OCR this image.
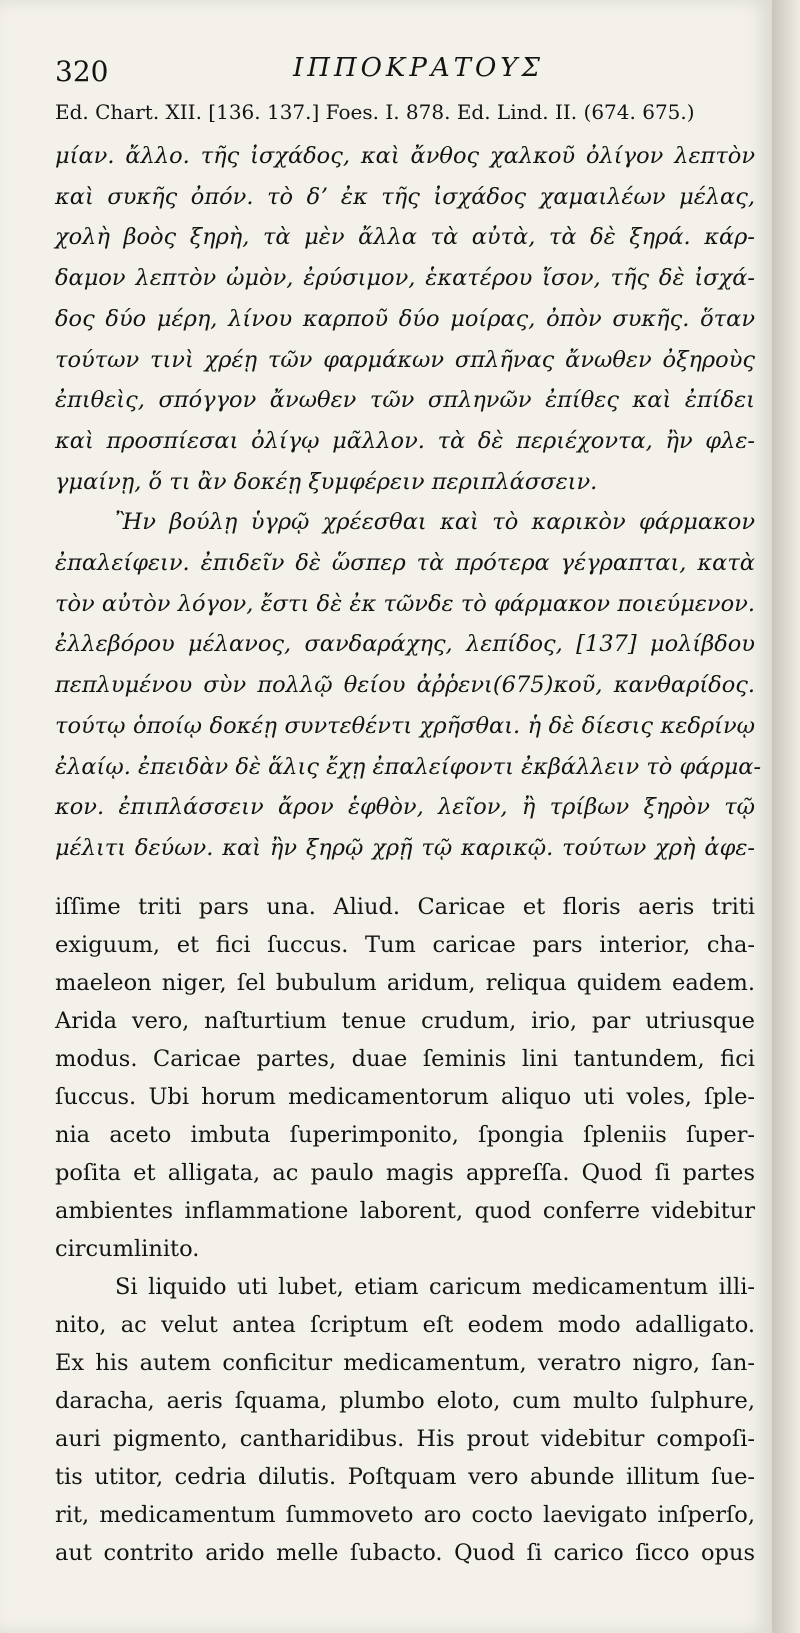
320	ΙΠΠΟΚΡΑΤΟΥΣ
Ed. Chart. XII. [136. 137.] Foes. I. 878. Ed. Lind. II. (674. 675.)
μίαν. ἄλλο. τῆς ἰσχάδος, καὶ ἄνθος χαλκοῦ ὀλίγον λεπτὸν
καὶ συκῆς ὀπόν. τὸ δʼ ἐκ τῆς ἰσχάδος χαμαιλέων μέλας,
χολὴ βοὸς ξηρὴ, τὰ μὲν ἄλλα τὰ αὐτὰ, τὰ δὲ ξηρά. κάρ-
δαμον λεπτὸν ὠμὸν, ἐρύσιμον, ἑκατέρου ἴσον, τῆς δὲ ἰσχά-
δος δύο μέρη, λίνου καρποῦ δύο μοίρας, ὀπὸν συκῆς. ὅταν
τούτων τινὶ χρέῃ τῶν φαρμάκων σπλῆνας ἄνωθεν ὀξηροὺς
ἐπιθεὶς, σπόγγον ἄνωθεν τῶν σπληνῶν ἐπίθες καὶ ἐπίδει
καὶ προσπίεσαι ὀλίγῳ μᾶλλον. τὰ δὲ περιέχοντα, ἢν φλε-
γμαίνῃ, ὅ τι ἂν δοκέῃ ξυμφέρειν περιπλάσσειν.
Ἢν βούλῃ ὑγρῷ χρέεσθαι καὶ τὸ καρικὸν φάρμακον
ἐπαλείφειν. ἐπιδεῖν δὲ ὥσπερ τὰ πρότερα γέγραπται, κατὰ
τὸν αὐτὸν λόγον, ἔστι δὲ ἐκ τῶνδε τὸ φάρμακον ποιεύμενον.
ἐλλεβόρου μέλανος, σανδαράχης, λεπίδος, [137] μολίβδου
πεπλυμένου σὺν πολλῷ θείου ἀῤῥενι(675)κοῦ, κανθαρίδος.
τούτῳ ὁποίῳ δοκέῃ συντεθέντι χρῆσθαι. ἡ δὲ δίεσις κεδρίνῳ
ἐλαίῳ. ἐπειδὰν δὲ ἅλις ἔχῃ ἐπαλείφοντι ἐκβάλλειν τὸ φάρμα-
κον. ἐπιπλάσσειν ἄρον ἑφθὸν, λεῖον, ἢ τρίβων ξηρὸν τῷ
μέλιτι δεύων. καὶ ἢν ξηρῷ χρῇ τῷ καρικῷ. τούτων χρὴ ἀφε-
iſſime triti pars una. Aliud. Caricae et floris aeris triti
exiguum, et fici ſuccus. Tum caricae pars interior, cha-
maeleon niger, ſel bubulum aridum, reliqua quidem eadem.
Arida vero, naſturtium tenue crudum, irio, par utriusque
modus. Caricae partes, duae ſeminis lini tantundem, fici
ſuccus. Ubi horum medicamentorum aliquo uti voles, ſple-
nia aceto imbuta ſuperimponito, ſpongia ſpleniis ſuper-
poſita et alligata, ac paulo magis appreſſa. Quod ſi partes
ambientes inflammatione laborent, quod conferre videbitur
circumlinito.
Si liquido uti lubet, etiam caricum medicamentum illi-
nito, ac velut antea ſcriptum eſt eodem modo adalligato.
Ex his autem conficitur medicamentum, veratro nigro, ſan-
daracha, aeris ſquama, plumbo eloto, cum multo ſulphure,
auri pigmento, cantharidibus. His prout videbitur compoſi-
tis utitor, cedria dilutis. Poſtquam vero abunde illitum ſue-
rit, medicamentum ſummoveto aro cocto laevigato inſperſo,
aut contrito arido melle ſubacto. Quod ſi carico ſicco opus
